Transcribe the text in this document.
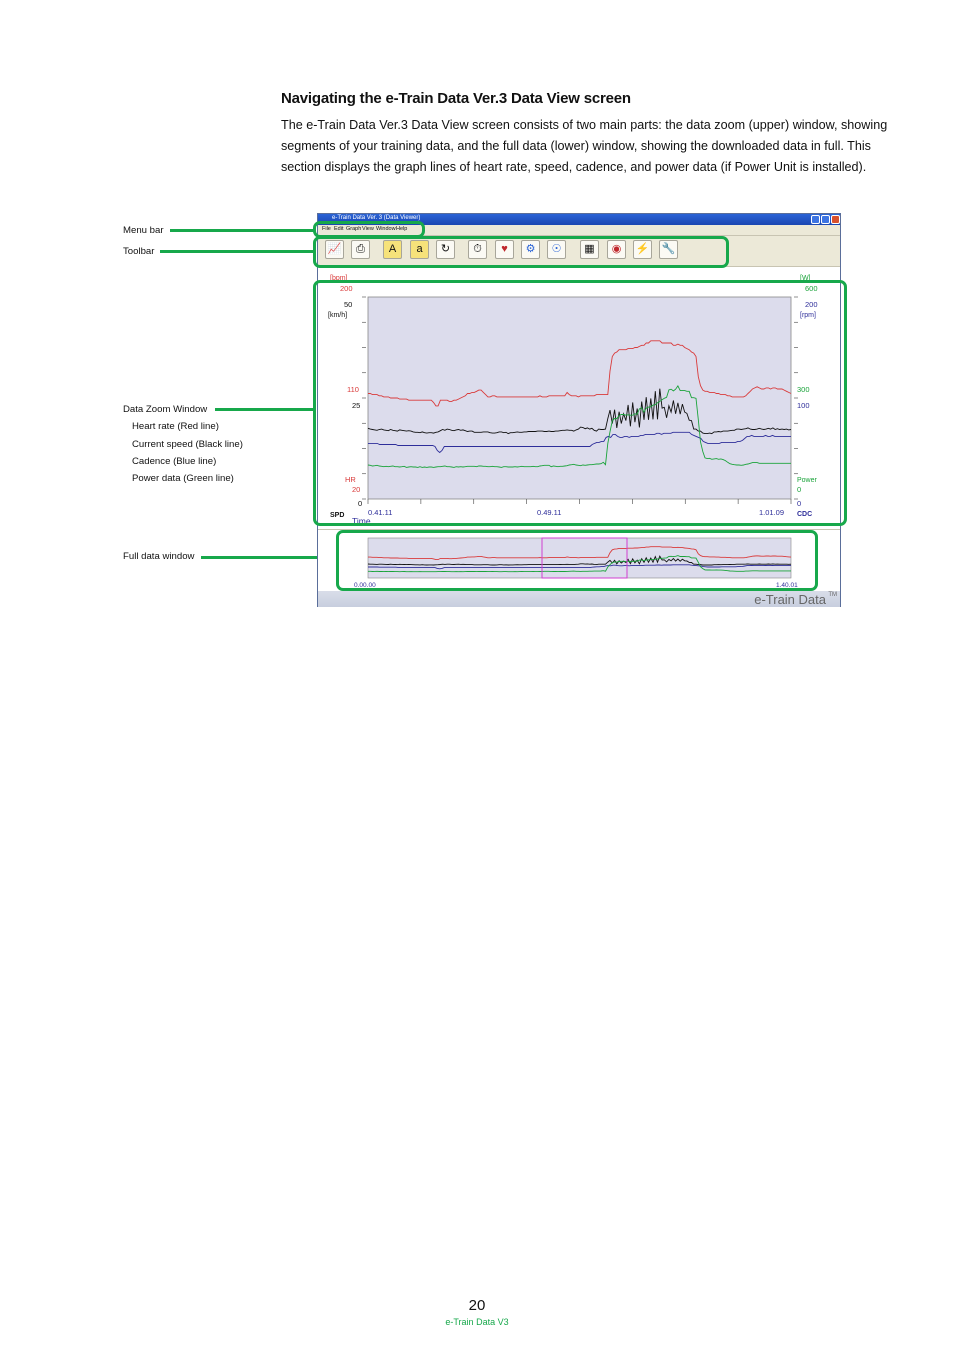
Navigating the e-Train Data Ver.3 Data View screen
The e-Train Data Ver.3 Data View screen consists of two main parts: the data zoom (upper) window, showing segments of your training data, and the full data (lower) window, showing the downloaded data in full. This section displays the graph lines of heart rate, speed, cadence, and power data (if Power Unit is installed).
Menu bar
Toolbar
Data Zoom Window
Heart rate (Red line)
Current speed (Black line)
Cadence (Blue line)
Power data (Green line)
Full data window
e-Train Data Ver. 3 (Data Viewer)
File Edit Graph View Window Help
📈	⎙	A	a	↻	⏱	♥	⚙	☉	▦	◉	⚡ 🔧
[bpm]
200
50
[km/h]
110
25
HR
20
0
SPD
[W]
600
200
[rpm]
300
100
Power
0
0
CDC
0.41.11	0.49.11	1.01.09
Time
0.00.00	1.40.01
e-Train Data TM
20
e-Train Data V3
